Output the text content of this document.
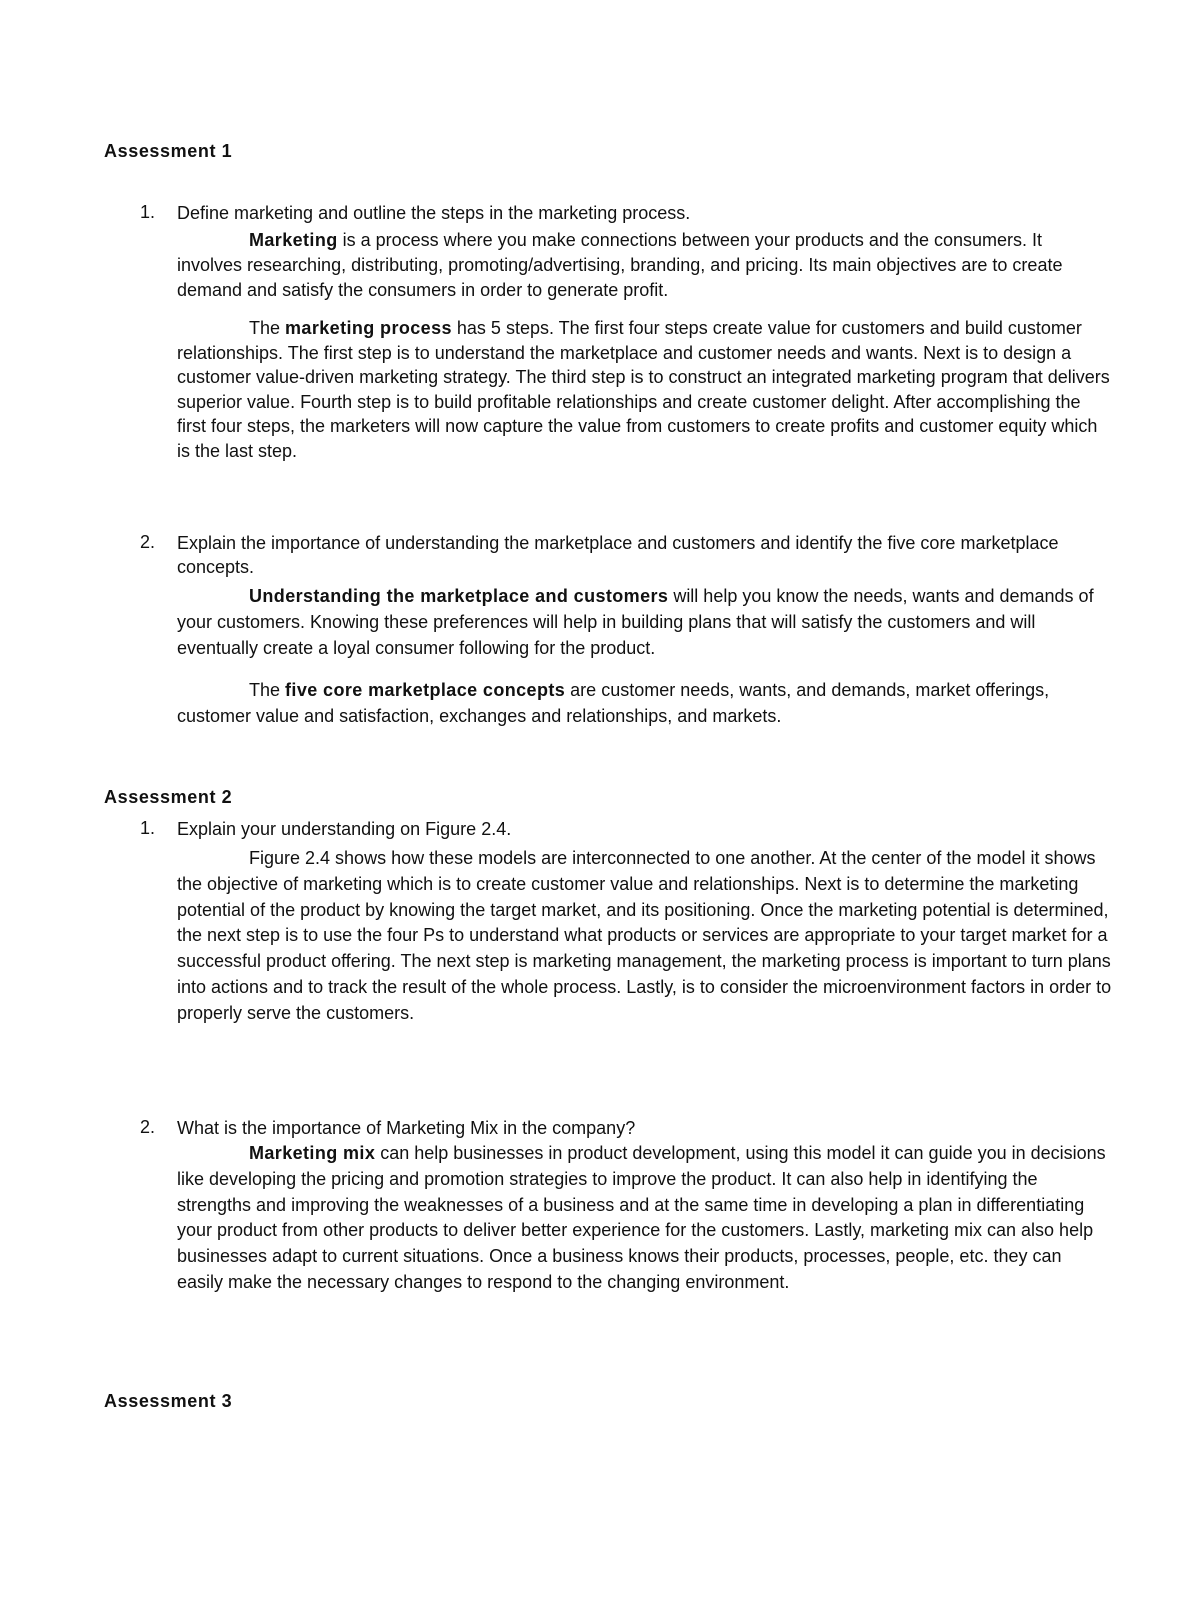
Assessment 1
1. Define marketing and outline the steps in the marketing process.

Marketing is a process where you make connections between your products and the consumers. It involves researching, distributing, promoting/advertising, branding, and pricing. Its main objectives are to create demand and satisfy the consumers in order to generate profit.

The marketing process has 5 steps. The first four steps create value for customers and build customer relationships. The first step is to understand the marketplace and customer needs and wants. Next is to design a customer value-driven marketing strategy. The third step is to construct an integrated marketing program that delivers superior value. Fourth step is to build profitable relationships and create customer delight. After accomplishing the first four steps, the marketers will now capture the value from customers to create profits and customer equity which is the last step.

2. Explain the importance of understanding the marketplace and customers and identify the five core marketplace concepts.

Understanding the marketplace and customers will help you know the needs, wants and demands of your customers. Knowing these preferences will help in building plans that will satisfy the customers and will eventually create a loyal consumer following for the product.

The five core marketplace concepts are customer needs, wants, and demands, market offerings, customer value and satisfaction, exchanges and relationships, and markets.

Assessment 2
1. Explain your understanding on Figure 2.4.

Figure 2.4 shows how these models are interconnected to one another. At the center of the model it shows the objective of marketing which is to create customer value and relationships. Next is to determine the marketing potential of the product by knowing the target market, and its positioning. Once the marketing potential is determined, the next step is to use the four Ps to understand what products or services are appropriate to your target market for a successful product offering. The next step is marketing management, the marketing process is important to turn plans into actions and to track the result of the whole process. Lastly, is to consider the microenvironment factors in order to properly serve the customers.

2. What is the importance of Marketing Mix in the company?

Marketing mix can help businesses in product development, using this model it can guide you in decisions like developing the pricing and promotion strategies to improve the product. It can also help in identifying the strengths and improving the weaknesses of a business and at the same time in developing a plan in differentiating your product from other products to deliver better experience for the customers. Lastly, marketing mix can also help businesses adapt to current situations. Once a business knows their products, processes, people, etc. they can easily make the necessary changes to respond to the changing environment.

Assessment 3
